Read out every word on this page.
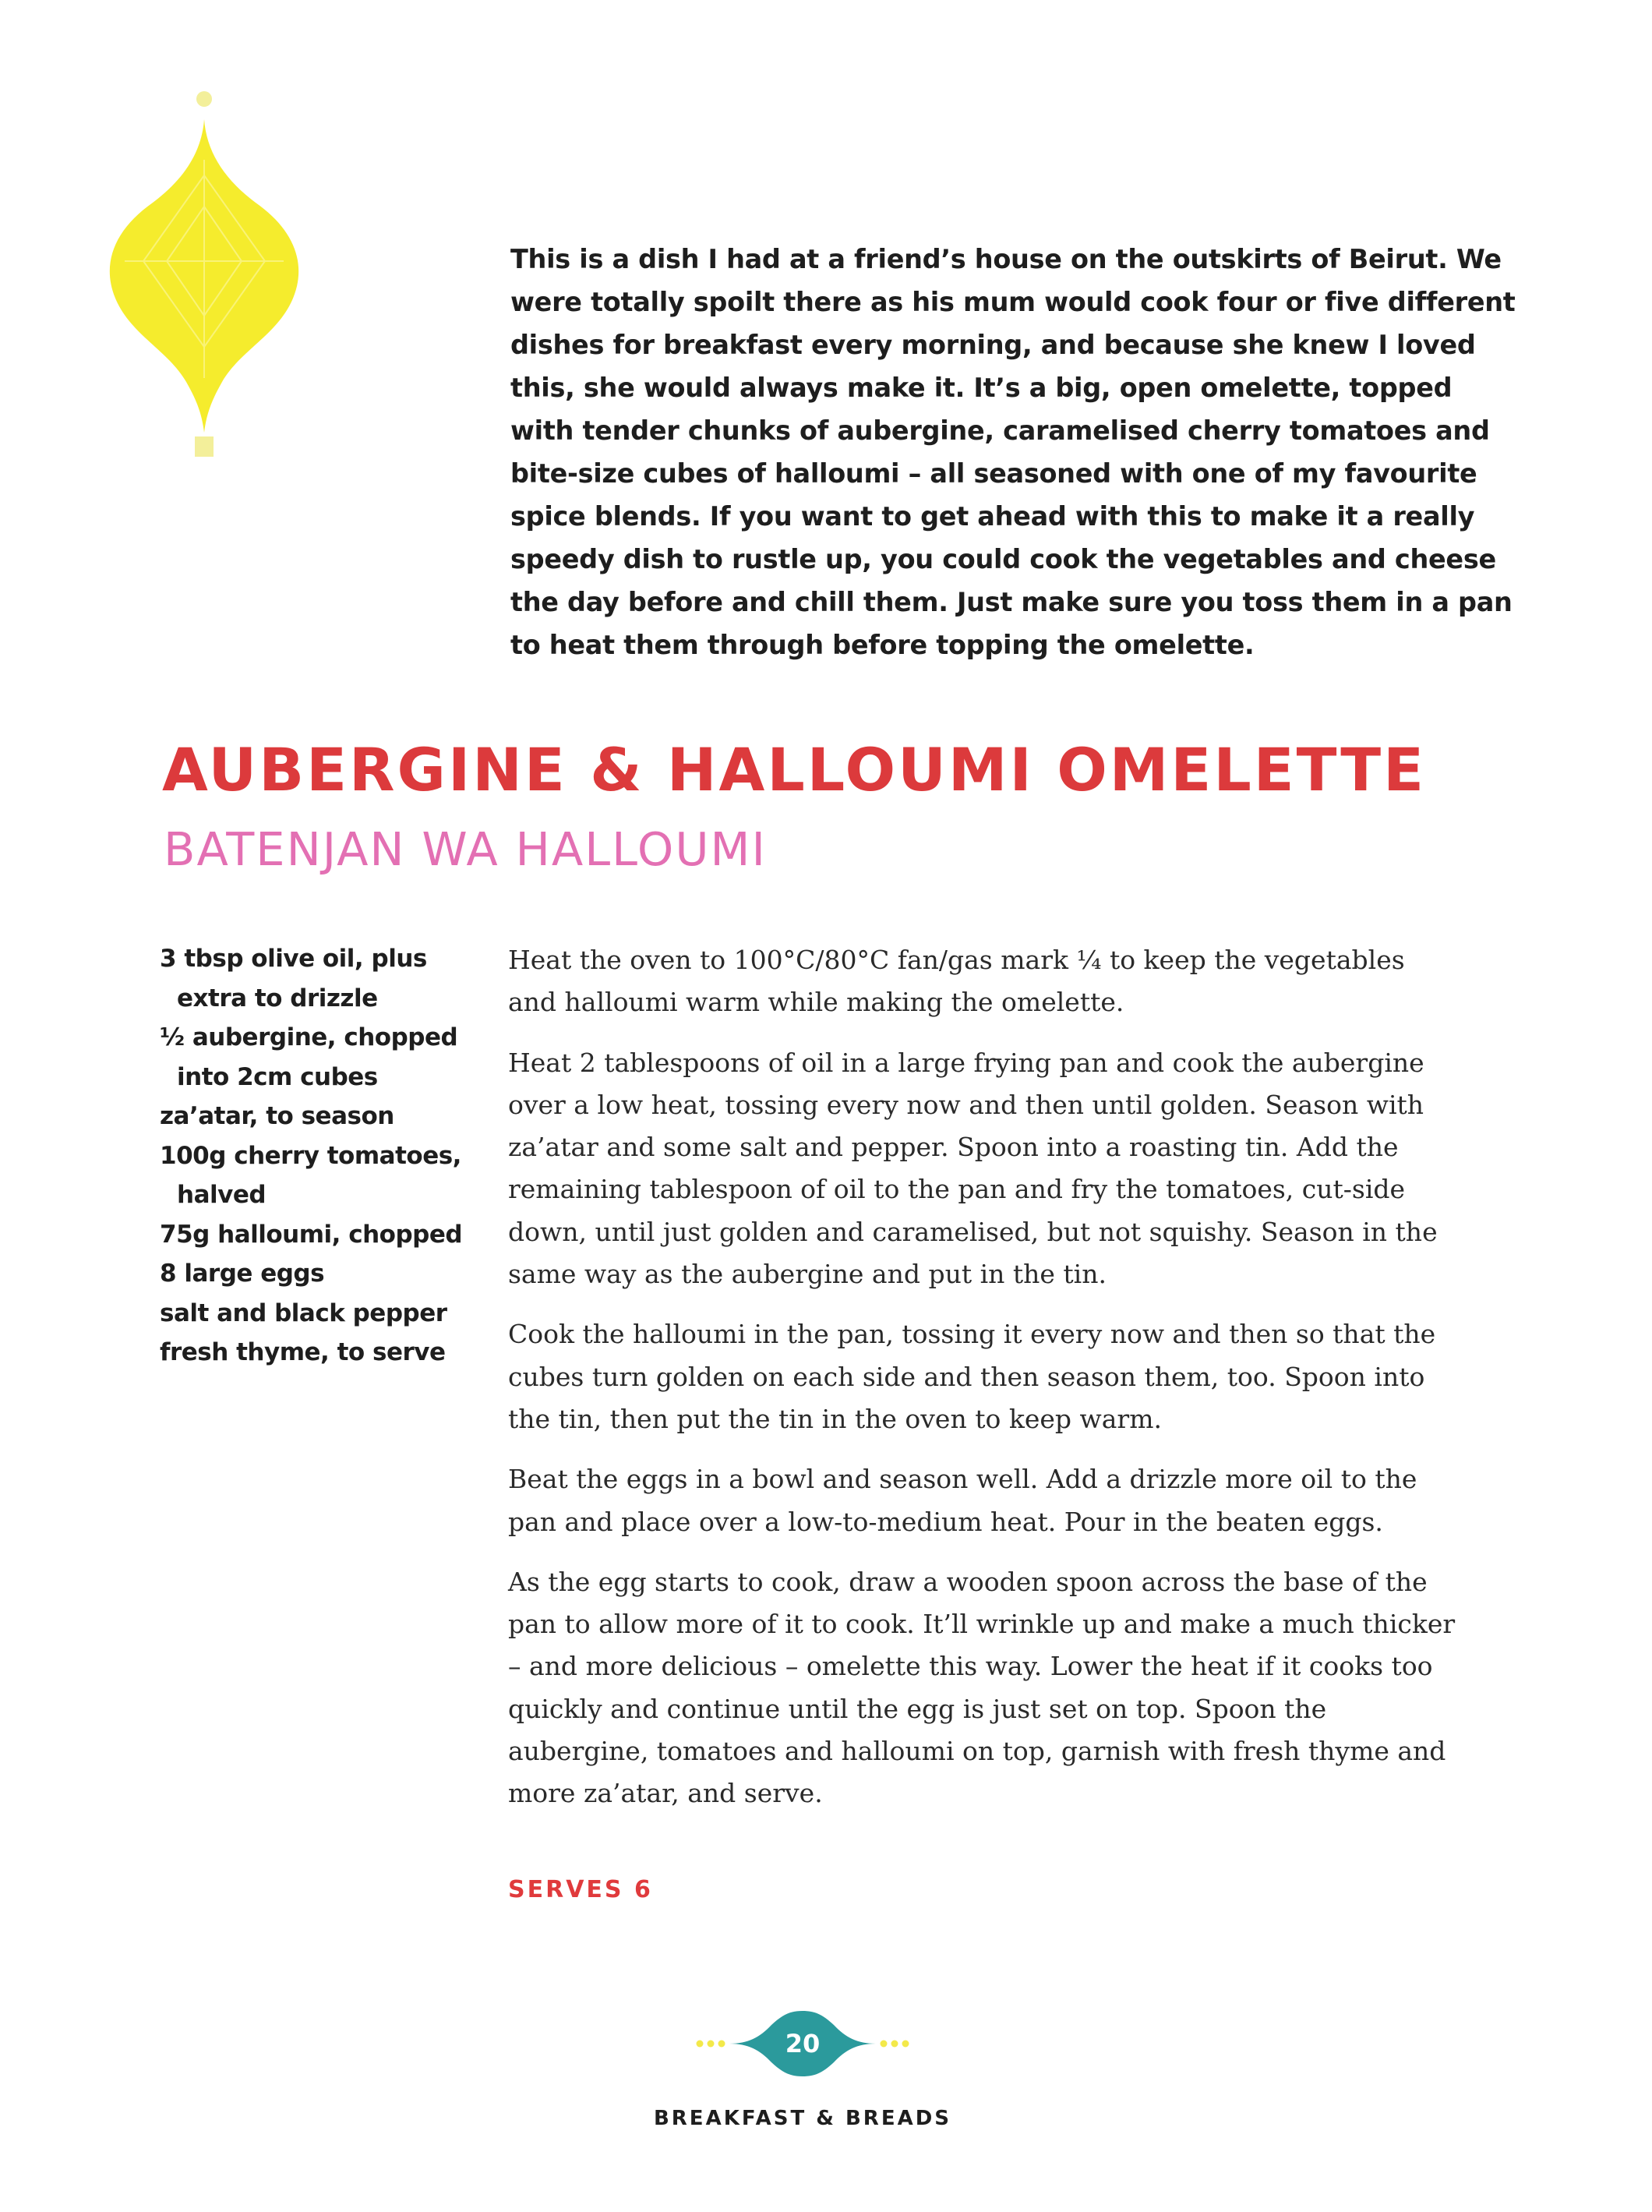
This is a dish I had at a friend’s house on the outskirts of Beirut. We were totally spoilt there as his mum would cook four or five different dishes for breakfast every morning, and because she knew I loved this, she would always make it. It’s a big, open omelette, topped with tender chunks of aubergine, caramelised cherry tomatoes and bite-size cubes of halloumi – all seasoned with one of my favourite spice blends. If you want to get ahead with this to make it a really speedy dish to rustle up, you could cook the vegetables and cheese the day before and chill them. Just make sure you toss them in a pan to heat them through before topping the omelette.

AUBERGINE & HALLOUMI OMELETTE
BATENJAN WA HALLOUMI
3 tbsp olive oil, plus extra to drizzle
½ aubergine, chopped into 2cm cubes
za’atar, to season
100g cherry tomatoes, halved
75g halloumi, chopped
8 large eggs
salt and black pepper
fresh thyme, to serve

Heat the oven to 100°C/80°C fan/gas mark ¼ to keep the vegetables and halloumi warm while making the omelette.

Heat 2 tablespoons of oil in a large frying pan and cook the aubergine over a low heat, tossing every now and then until golden. Season with za’atar and some salt and pepper. Spoon into a roasting tin. Add the remaining tablespoon of oil to the pan and fry the tomatoes, cut-side down, until just golden and caramelised, but not squishy. Season in the same way as the aubergine and put in the tin.

Cook the halloumi in the pan, tossing it every now and then so that the cubes turn golden on each side and then season them, too. Spoon into the tin, then put the tin in the oven to keep warm.

Beat the eggs in a bowl and season well. Add a drizzle more oil to the pan and place over a low-to-medium heat. Pour in the beaten eggs.

As the egg starts to cook, draw a wooden spoon across the base of the pan to allow more of it to cook. It’ll wrinkle up and make a much thicker – and more delicious – omelette this way. Lower the heat if it cooks too quickly and continue until the egg is just set on top. Spoon the aubergine, tomatoes and halloumi on top, garnish with fresh thyme and more za’atar, and serve.

SERVES 6
20
BREAKFAST & BREADS
